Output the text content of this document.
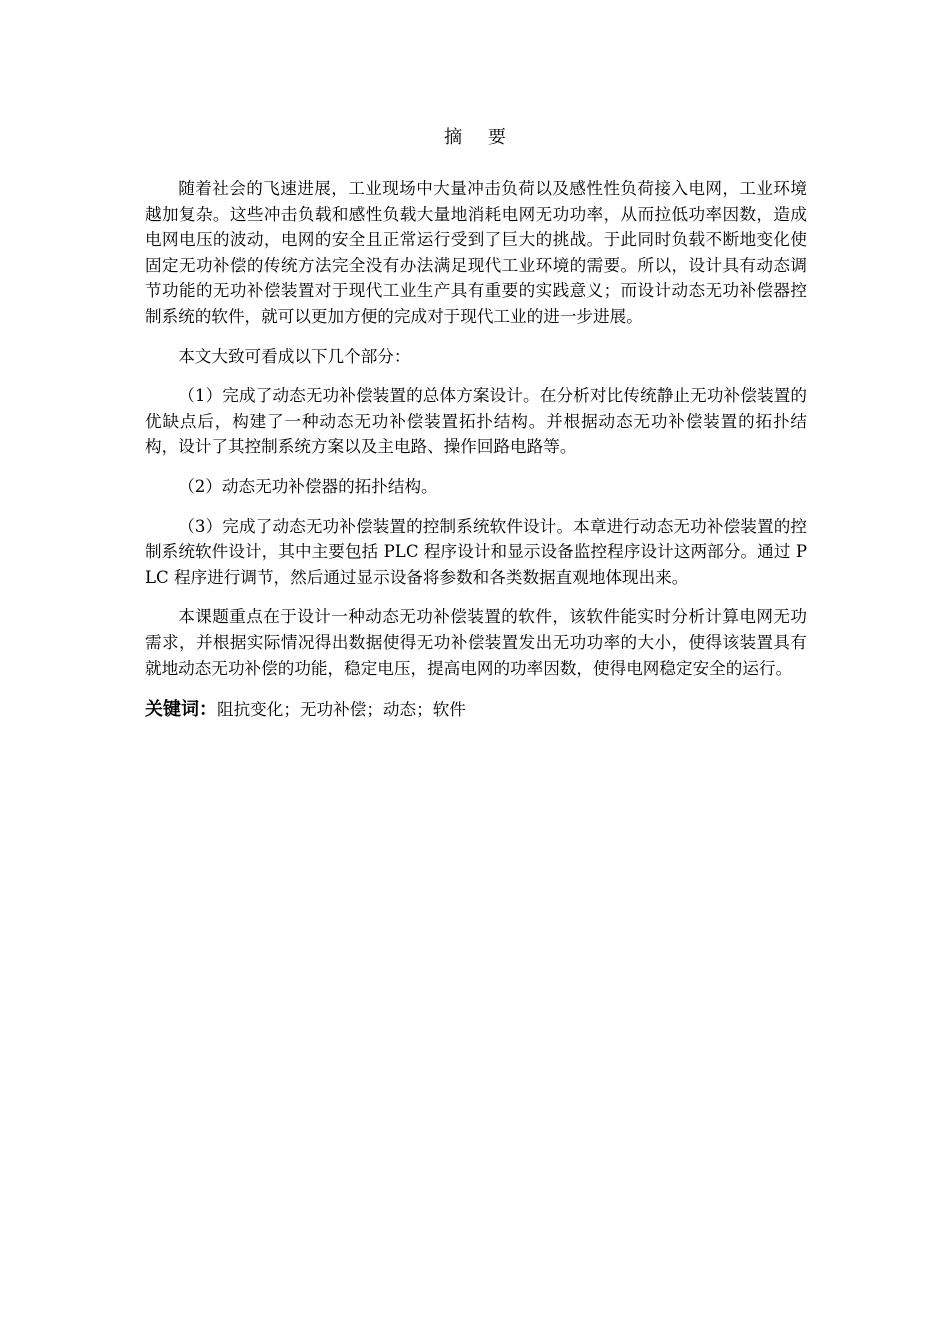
摘 要

随着社会的飞速进展，工业现场中大量冲击负荷以及感性性负荷接入电网，工业环境越加复杂。这些冲击负载和感性负载大量地消耗电网无功功率，从而拉低功率因数，造成电网电压的波动，电网的安全且正常运行受到了巨大的挑战。于此同时负载不断地变化使固定无功补偿的传统方法完全没有办法满足现代工业环境的需要。所以，设计具有动态调节功能的无功补偿装置对于现代工业生产具有重要的实践意义；而设计动态无功补偿器控制系统的软件，就可以更加方便的完成对于现代工业的进一步进展。

本文大致可看成以下几个部分：

（1）完成了动态无功补偿装置的总体方案设计。在分析对比传统静止无功补偿装置的优缺点后，构建了一种动态无功补偿装置拓扑结构。并根据动态无功补偿装置的拓扑结构，设计了其控制系统方案以及主电路、操作回路电路等。

（2）动态无功补偿器的拓扑结构。

（3）完成了动态无功补偿装置的控制系统软件设计。本章进行动态无功补偿装置的控制系统软件设计，其中主要包括 PLC 程序设计和显示设备监控程序设计这两部分。通过 PLC 程序进行调节，然后通过显示设备将参数和各类数据直观地体现出来。

本课题重点在于设计一种动态无功补偿装置的软件，该软件能实时分析计算电网无功需求，并根据实际情况得出数据使得无功补偿装置发出无功功率的大小，使得该装置具有就地动态无功补偿的功能，稳定电压，提高电网的功率因数，使得电网稳定安全的运行。

关键词：阻抗变化；无功补偿；动态；软件
